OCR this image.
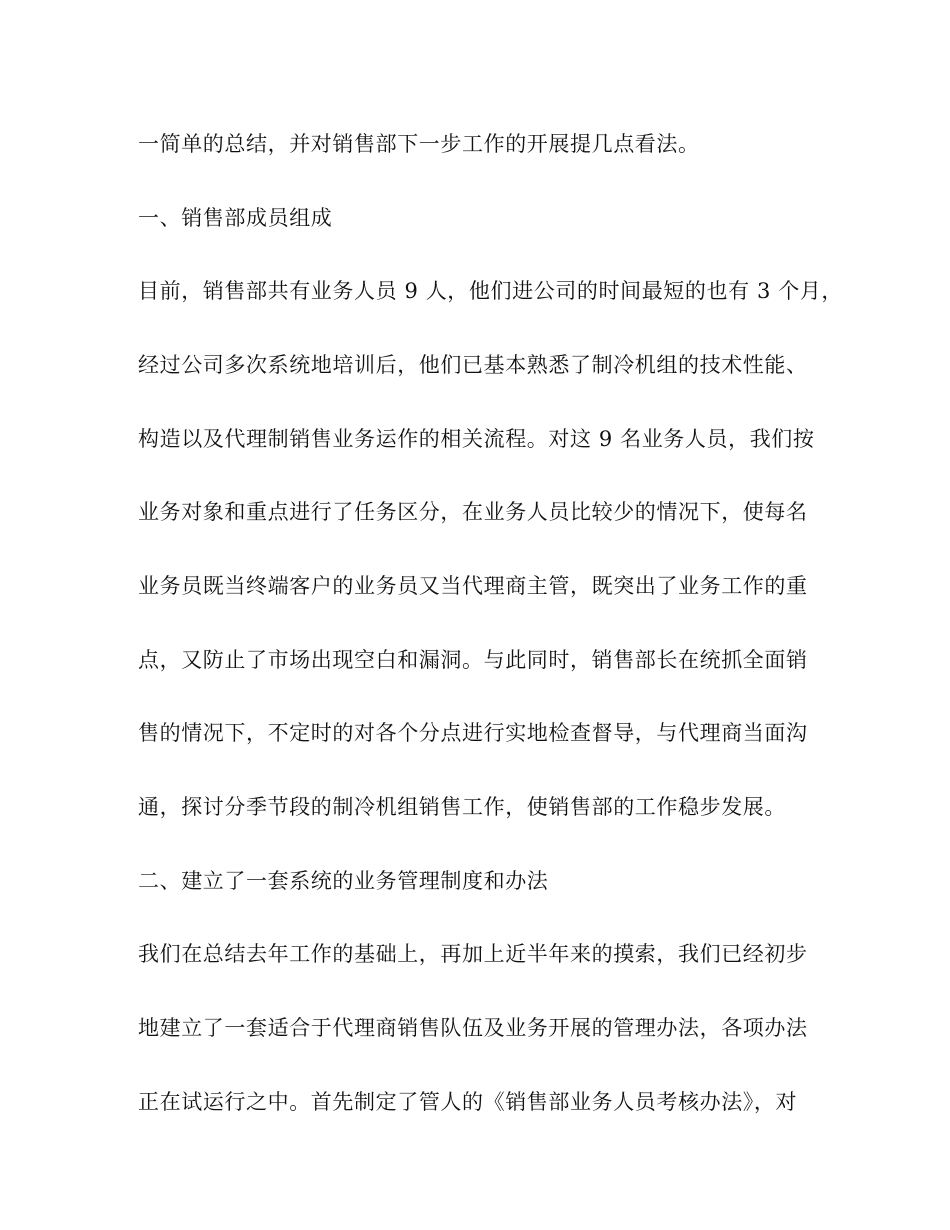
一简单的总结，并对销售部下一步工作的开展提几点看法。
一、销售部成员组成
目前，销售部共有业务人员 9 人，他们进公司的时间最短的也有 3 个月，
经过公司多次系统地培训后，他们已基本熟悉了制冷机组的技术性能、
构造以及代理制销售业务运作的相关流程。对这 9 名业务人员，我们按
业务对象和重点进行了任务区分，在业务人员比较少的情况下，使每名
业务员既当终端客户的业务员又当代理商主管，既突出了业务工作的重
点，又防止了市场出现空白和漏洞。与此同时，销售部长在统抓全面销
售的情况下，不定时的对各个分点进行实地检查督导，与代理商当面沟
通，探讨分季节段的制冷机组销售工作，使销售部的工作稳步发展。
二、建立了一套系统的业务管理制度和办法
我们在总结去年工作的基础上，再加上近半年来的摸索，我们已经初步
地建立了一套适合于代理商销售队伍及业务开展的管理办法，各项办法
正在试运行之中。首先制定了管人的《销售部业务人员考核办法》，对
